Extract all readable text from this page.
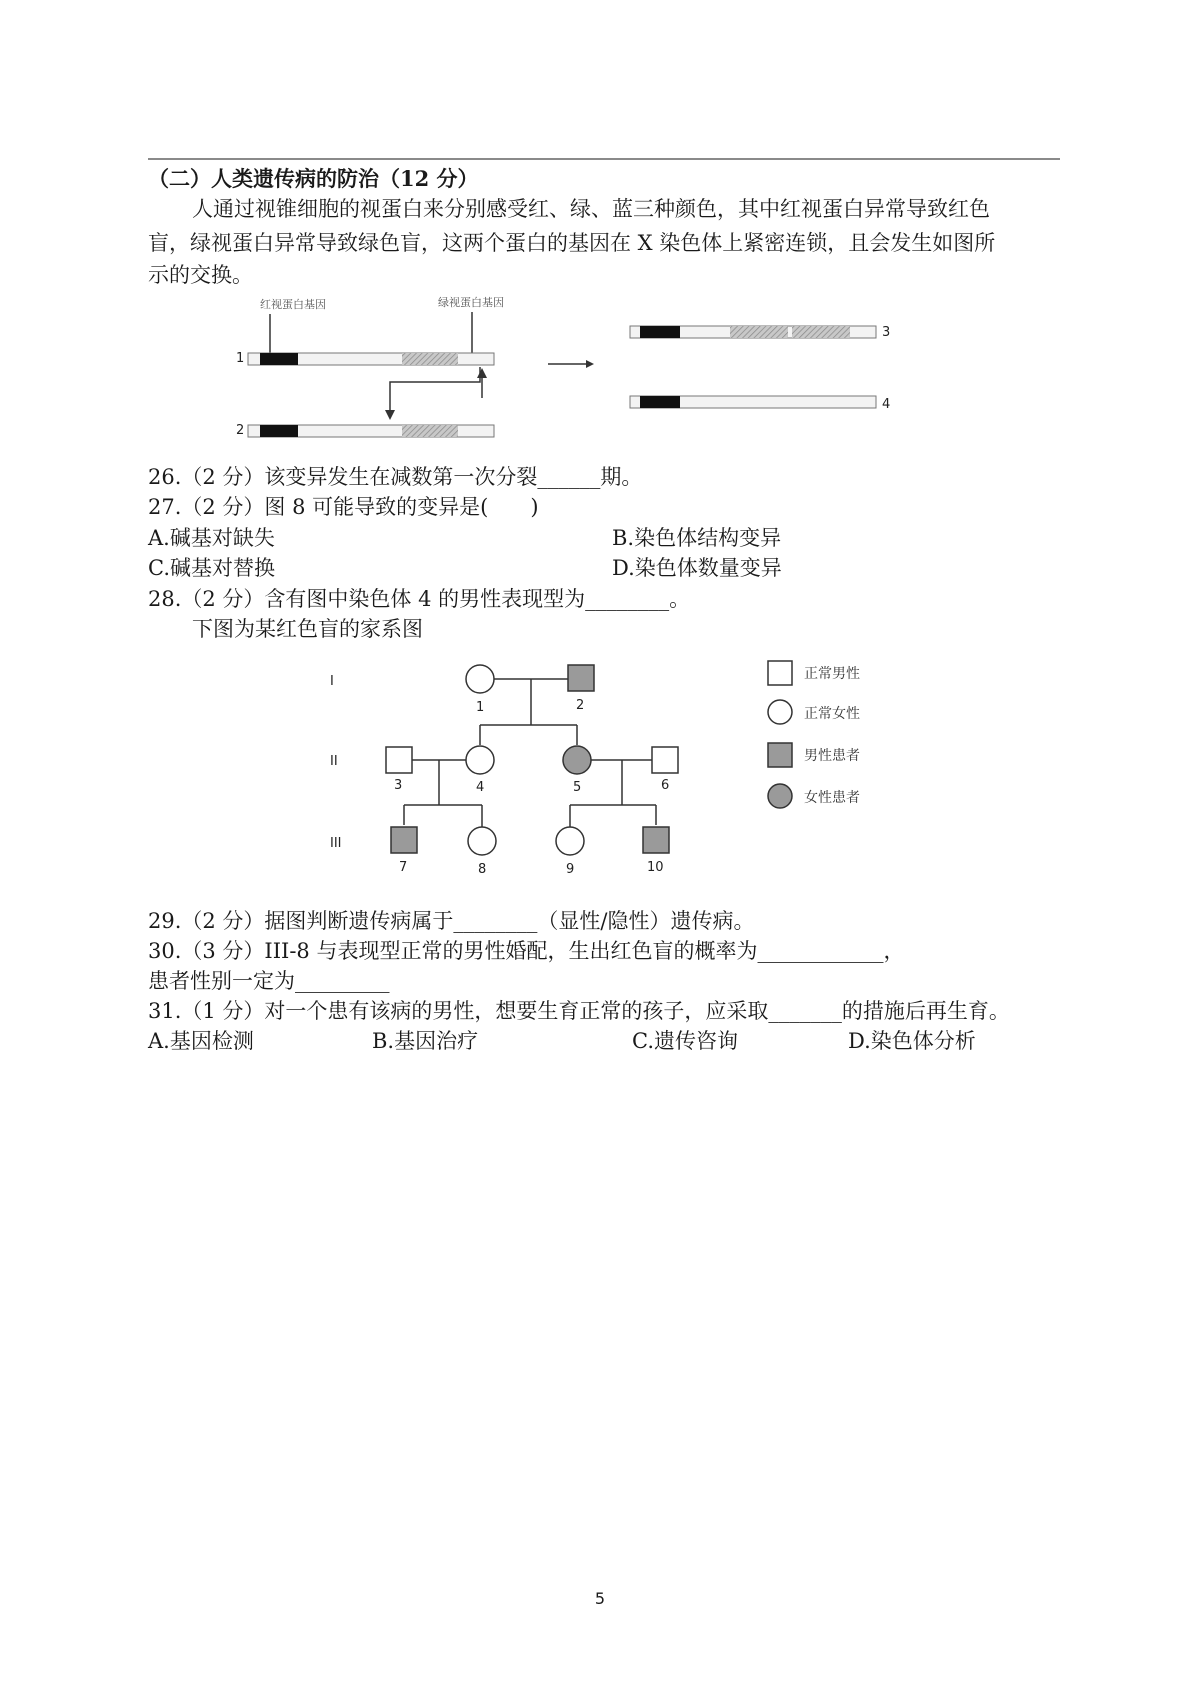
（二）人类遗传病的防治（12 分）
人通过视锥细胞的视蛋白来分别感受红、绿、蓝三种颜色，其中红视蛋白异常导致红色
盲，绿视蛋白异常导致绿色盲，这两个蛋白的基因在 X 染色体上紧密连锁，且会发生如图所
示的交换。
红视蛋白基因	绿视蛋白基因
1
2
3
4
26.（2 分）该变异发生在减数第一次分裂______期。
27.（2 分）图 8 可能导致的变异是(　　)
A.碱基对缺失	B.染色体结构变异
C.碱基对替换	D.染色体数量变异
28.（2 分）含有图中染色体 4 的男性表现型为________。
下图为某红色盲的家系图
I
II
III
1	2
3	4	5	6
7	8	9	10
正常男性
正常女性
男性患者
女性患者
29.（2 分）据图判断遗传病属于________（显性/隐性）遗传病。
30.（3 分）III-8 与表现型正常的男性婚配，生出红色盲的概率为____________，
患者性别一定为_________
31.（1 分）对一个患有该病的男性，想要生育正常的孩子，应采取_______的措施后再生育。
A.基因检测	B.基因治疗	C.遗传咨询	D.染色体分析
5
